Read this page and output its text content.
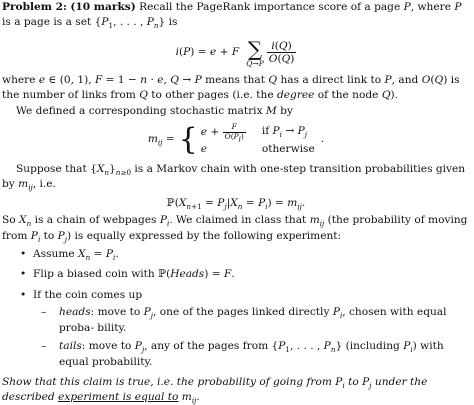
Problem 2: (10 marks) Recall the PageRank importance score of a page P, where P is a page is a set {$P_1$, . . . , $P_n$} is

i(P) = e + F ∑
$Q\to P \frac{i(Q)}{O(Q)}$

where e ∈ (0, 1), F = 1 − n · e, Q → P means that Q has a direct link to P, and O(Q) is the number of links from Q to other pages (i.e. the degree of the node Q).

We defined a corresponding stochastic matrix M by

$m_{ij}$ = { $e + \frac{F}{O(P_i)}$ if $P_i \to P_j$
e	otherwise
.

Suppose that $\{X_n\}_{n\ge 0}$ is a Markov chain with one-step transition probabilities given by $m_{ij}$, i.e.

$ℙ(X_{n+1} = P_j|X_n = P_i) = m_{ij}$.

So $X_n$ is a chain of webpages $P_i$. We claimed in class that $m_{ij}$ (the probability of moving from $P_i$ to $P_j$) is equally expressed by the following experiment:

• Assume $X_n = P_i$.
• Flip a biased coin with ℙ(Heads) = F.
• If the coin comes up
– heads: move to $P_j$, one of the pages linked directly $P_i$, chosen with equal proba- bility.
– tails: move to $P_j$, any of the pages from {$P_1$, . . . , $P_n$} (including $P_i$) with equal probability.

Show that this claim is true, i.e. the probability of going from $P_i$ to $P_j$ under the described experiment is equal to $m_{ij}$.
